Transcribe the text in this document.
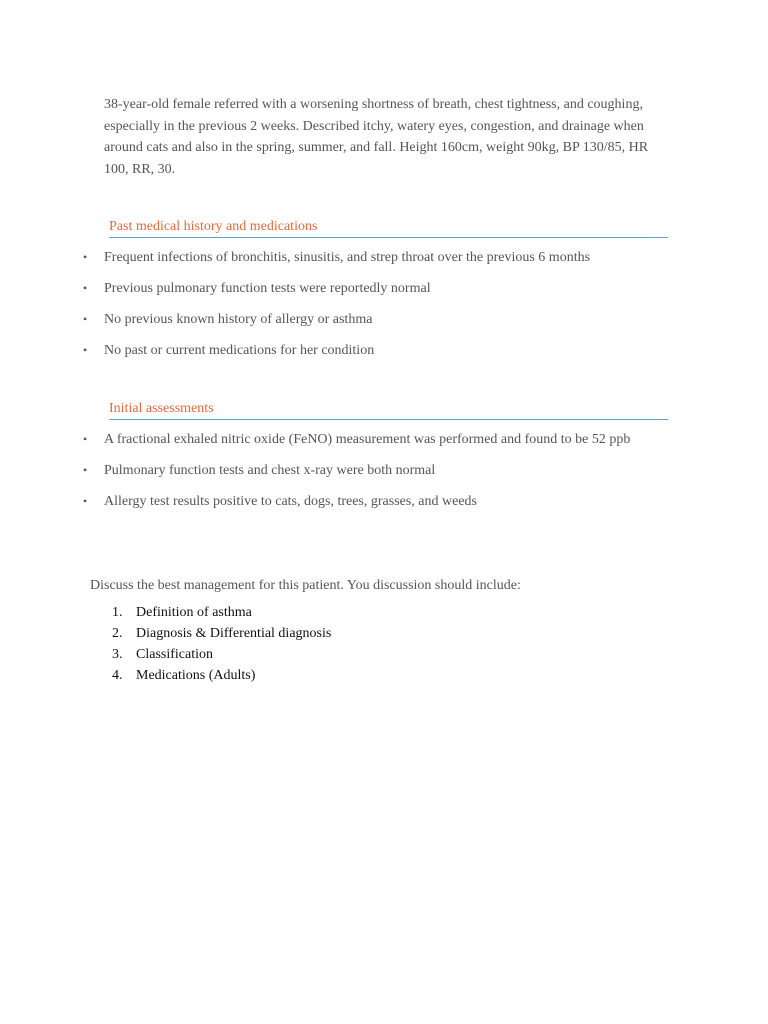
38-year-old female referred with a worsening shortness of breath, chest tightness, and coughing, especially in the previous 2 weeks. Described itchy, watery eyes, congestion, and drainage when around cats and also in the spring, summer, and fall. Height 160cm, weight 90kg, BP 130/85, HR 100, RR, 30.

Past medical history and medications
• Frequent infections of bronchitis, sinusitis, and strep throat over the previous 6 months
• Previous pulmonary function tests were reportedly normal
• No previous known history of allergy or asthma
• No past or current medications for her condition
Initial assessments
• A fractional exhaled nitric oxide (FeNO) measurement was performed and found to be 52 ppb
• Pulmonary function tests and chest x-ray were both normal
• Allergy test results positive to cats, dogs, trees, grasses, and weeds

Discuss the best management for this patient. You discussion should include:

1. Definition of asthma
2. Diagnosis & Differential diagnosis
3. Classification
4. Medications (Adults)
